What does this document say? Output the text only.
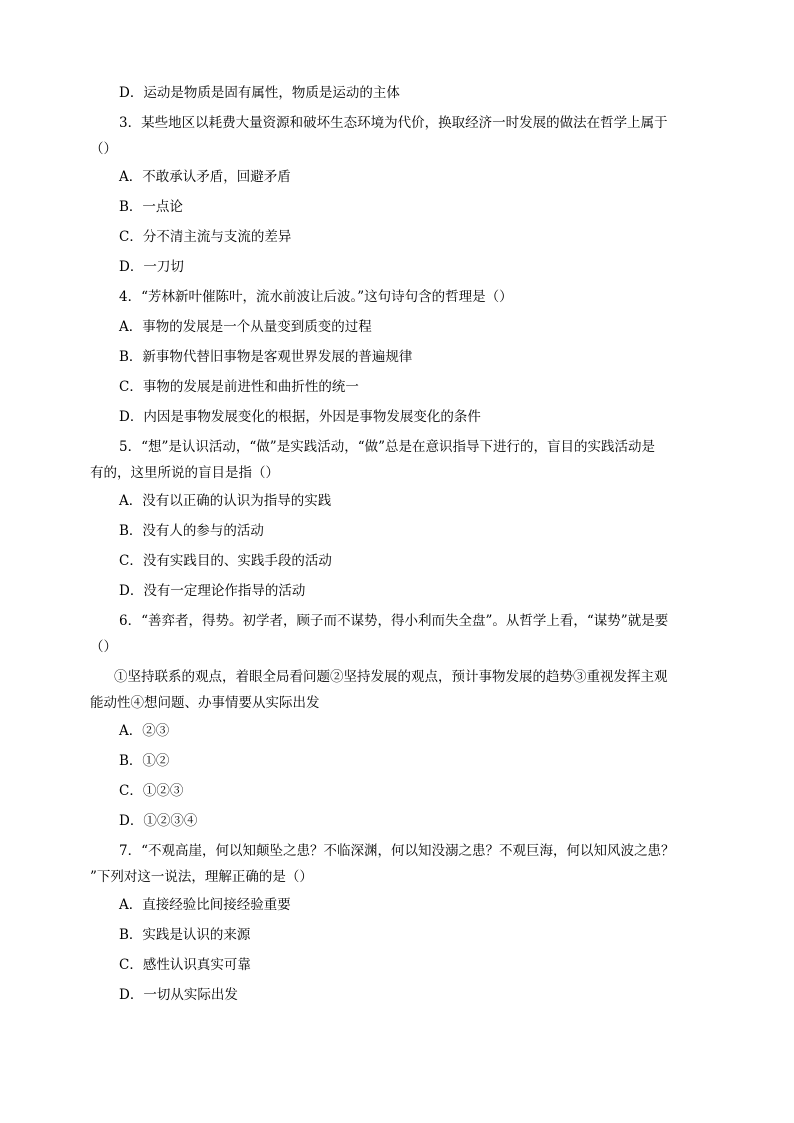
D．运动是物质是固有属性，物质是运动的主体
3．某些地区以耗费大量资源和破坏生态环境为代价，换取经济一时发展的做法在哲学上属于
（）
A．不敢承认矛盾，回避矛盾
B．一点论
C．分不清主流与支流的差异
D．一刀切
4．“芳林新叶催陈叶，流水前波让后波。”这句诗句含的哲理是（）
A．事物的发展是一个从量变到质变的过程
B．新事物代替旧事物是客观世界发展的普遍规律
C．事物的发展是前进性和曲折性的统一
D．内因是事物发展变化的根据，外因是事物发展变化的条件
5．“想”是认识活动，“做”是实践活动，“做”总是在意识指导下进行的，盲目的实践活动是
有的，这里所说的盲目是指（）
A．没有以正确的认识为指导的实践
B．没有人的参与的活动
C．没有实践目的、实践手段的活动
D．没有一定理论作指导的活动
6．“善弈者，得势。初学者，顾子而不谋势，得小利而失全盘”。从哲学上看，“谋势”就是要
（）
①坚持联系的观点，着眼全局看问题②坚持发展的观点，预计事物发展的趋势③重视发挥主观
能动性④想问题、办事情要从实际出发
A．②③
B．①②
C．①②③
D．①②③④
7．“不观高崖，何以知颠坠之患？不临深渊，何以知没溺之患？不观巨海，何以知风波之患？
”下列对这一说法，理解正确的是（）
A．直接经验比间接经验重要
B．实践是认识的来源
C．感性认识真实可靠
D．一切从实际出发
